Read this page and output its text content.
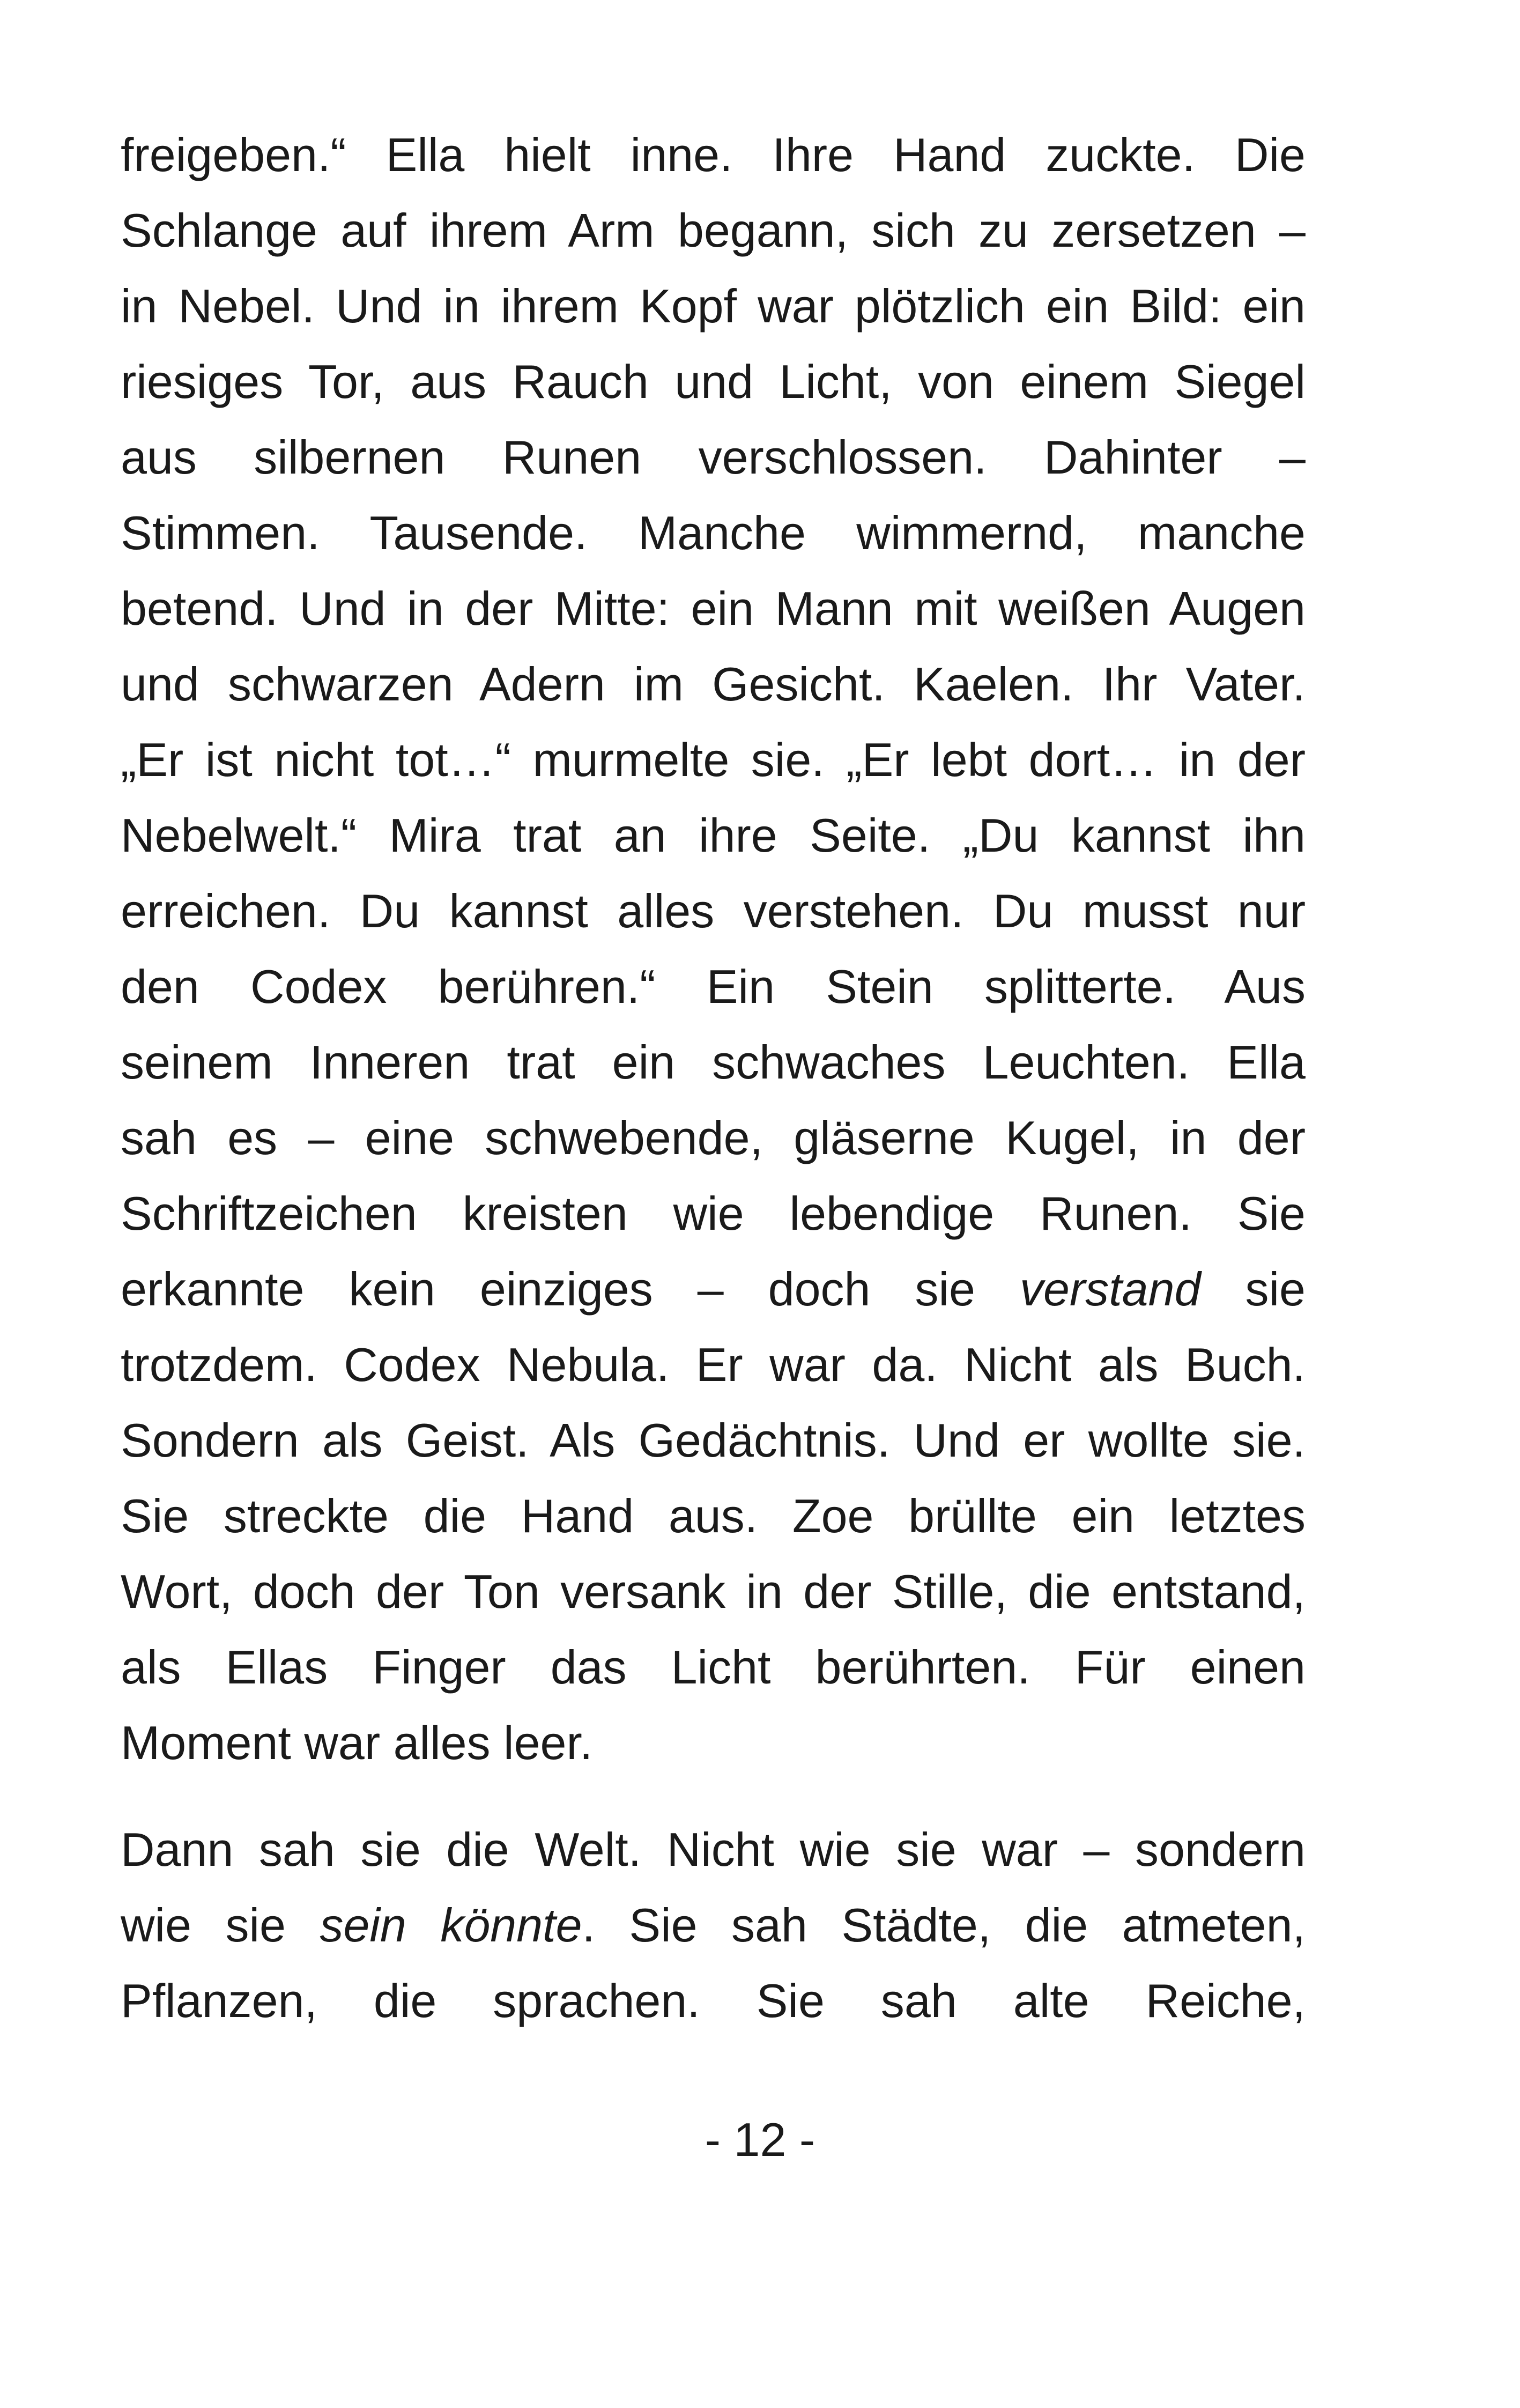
freigeben.“ Ella hielt inne. Ihre Hand zuckte. Die
Schlange auf ihrem Arm begann, sich zu zersetzen –
in Nebel. Und in ihrem Kopf war plötzlich ein Bild: ein
riesiges Tor, aus Rauch und Licht, von einem Siegel
aus silbernen Runen verschlossen. Dahinter –
Stimmen. Tausende. Manche wimmernd, manche
betend. Und in der Mitte: ein Mann mit weißen Augen
und schwarzen Adern im Gesicht. Kaelen. Ihr Vater.
„Er ist nicht tot…“ murmelte sie. „Er lebt dort… in der
Nebelwelt.“ Mira trat an ihre Seite. „Du kannst ihn
erreichen. Du kannst alles verstehen. Du musst nur
den Codex berühren.“ Ein Stein splitterte. Aus
seinem Inneren trat ein schwaches Leuchten. Ella
sah es – eine schwebende, gläserne Kugel, in der
Schriftzeichen kreisten wie lebendige Runen. Sie
erkannte kein einziges – doch sie verstand sie
trotzdem. Codex Nebula. Er war da. Nicht als Buch.
Sondern als Geist. Als Gedächtnis. Und er wollte sie.
Sie streckte die Hand aus. Zoe brüllte ein letztes
Wort, doch der Ton versank in der Stille, die entstand,
als Ellas Finger das Licht berührten. Für einen
Moment war alles leer.
Dann sah sie die Welt. Nicht wie sie war – sondern
wie sie sein könnte. Sie sah Städte, die atmeten,
Pflanzen, die sprachen. Sie sah alte Reiche,
- 12 -
